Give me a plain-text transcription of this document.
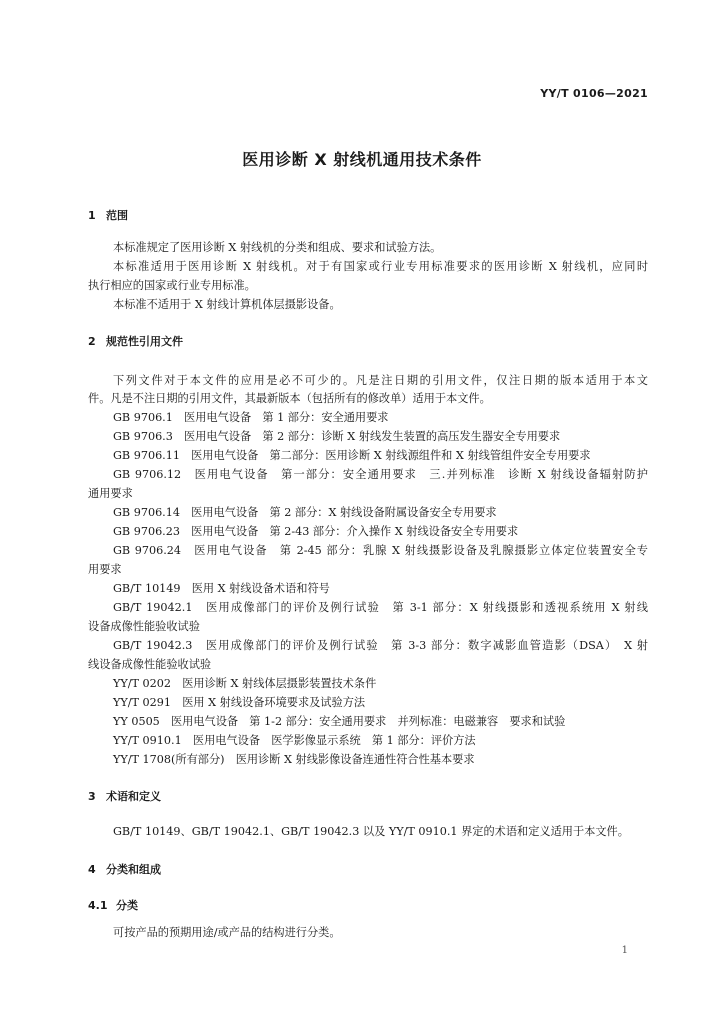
YY/T 0106—2021
医用诊断 X 射线机通用技术条件
1 范围
本标准规定了医用诊断 X 射线机的分类和组成、要求和试验方法。
本标准适用于医用诊断 X 射线机。对于有国家或行业专用标准要求的医用诊断 X 射线机，应同时
执行相应的国家或行业专用标准。
本标准不适用于 X 射线计算机体层摄影设备。
2 规范性引用文件
下列文件对于本文件的应用是必不可少的。凡是注日期的引用文件，仅注日期的版本适用于本文
件。凡是不注日期的引用文件，其最新版本（包括所有的修改单）适用于本文件。
GB 9706.1　医用电气设备　第 1 部分：安全通用要求
GB 9706.3　医用电气设备　第 2 部分：诊断 X 射线发生装置的高压发生器安全专用要求
GB 9706.11　医用电气设备　第二部分：医用诊断 X 射线源组件和 X 射线管组件安全专用要求
GB 9706.12　医用电气设备　第一部分：安全通用要求　三.并列标准　诊断 X 射线设备辐射防护
通用要求
GB 9706.14　医用电气设备　第 2 部分：X 射线设备附属设备安全专用要求
GB 9706.23　医用电气设备　第 2-43 部分：介入操作 X 射线设备安全专用要求
GB 9706.24　医用电气设备　第 2-45 部分：乳腺 X 射线摄影设备及乳腺摄影立体定位装置安全专
用要求
GB/T 10149　医用 X 射线设备术语和符号
GB/T 19042.1　医用成像部门的评价及例行试验　第 3-1 部分：X 射线摄影和透视系统用 X 射线
设备成像性能验收试验
GB/T 19042.3　医用成像部门的评价及例行试验　第 3-3 部分：数字减影血管造影（DSA）　X 射
线设备成像性能验收试验
YY/T 0202　医用诊断 X 射线体层摄影装置技术条件
YY/T 0291　医用 X 射线设备环境要求及试验方法
YY 0505　医用电气设备　第 1-2 部分：安全通用要求　并列标准：电磁兼容　要求和试验
YY/T 0910.1　医用电气设备　医学影像显示系统　第 1 部分：评价方法
YY/T 1708(所有部分)　医用诊断 X 射线影像设备连通性符合性基本要求
3 术语和定义
GB/T 10149、GB/T 19042.1、GB/T 19042.3 以及 YY/T 0910.1 界定的术语和定义适用于本文件。
4 分类和组成
4.1 分类
可按产品的预期用途/或产品的结构进行分类。
1
